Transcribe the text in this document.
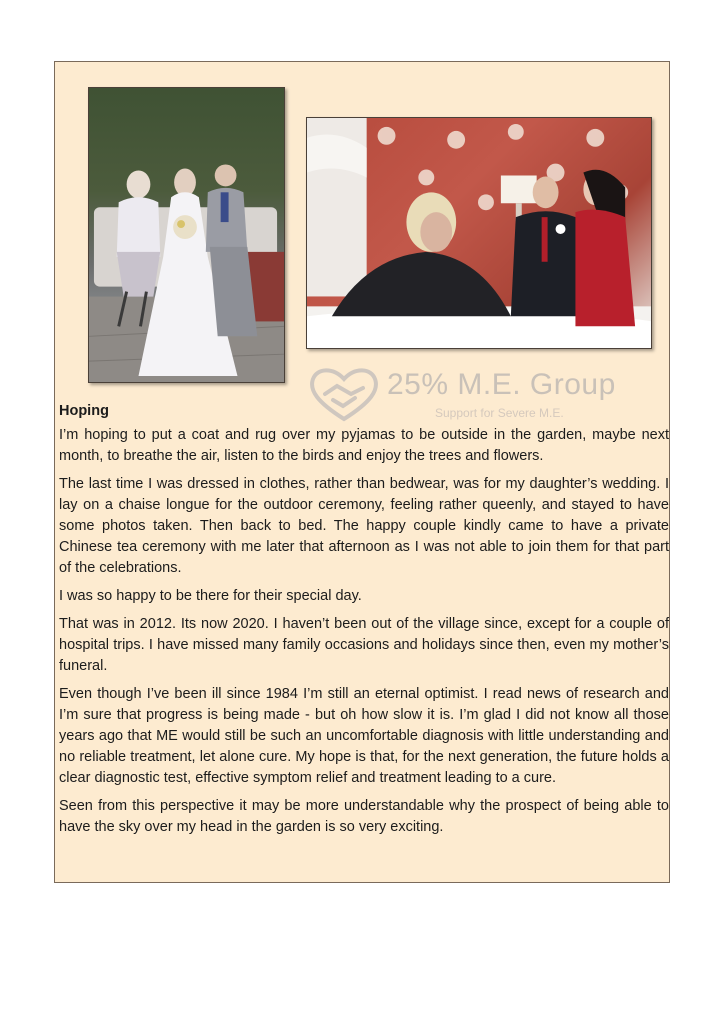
25% M.E. Group
Support for Severe M.E.
Hoping

I’m hoping to put a coat and rug over my pyjamas to be outside in the garden, maybe next month, to breathe the air, listen to the birds and enjoy the trees and flowers.

The last time I was dressed in clothes, rather than bedwear, was for my daughter’s wedding. I lay on a chaise longue for the outdoor ceremony, feeling rather queenly, and stayed to have some photos taken. Then back to bed. The happy couple kindly came to have a private Chinese tea ceremony with me later that afternoon as I was not able to join them for that part of the celebrations.

I was so happy to be there for their special day.

That was in 2012. Its now 2020. I haven’t been out of the village since, except for a couple of hospital trips. I have missed many family occasions and holidays since then, even my mother’s funeral.

Even though I’ve been ill since 1984 I’m still an eternal optimist. I read news of research and I’m sure that progress is being made - but oh how slow it is. I’m glad I did not know all those years ago that ME would still be such an uncomfortable diagnosis with little understanding and no reliable treatment, let alone cure. My hope is that, for the next generation, the future holds a clear diagnostic test, effective symptom relief and treatment leading to a cure.

Seen from this perspective it may be more understandable why the prospect of being able to have the sky over my head in the garden is so very exciting.
